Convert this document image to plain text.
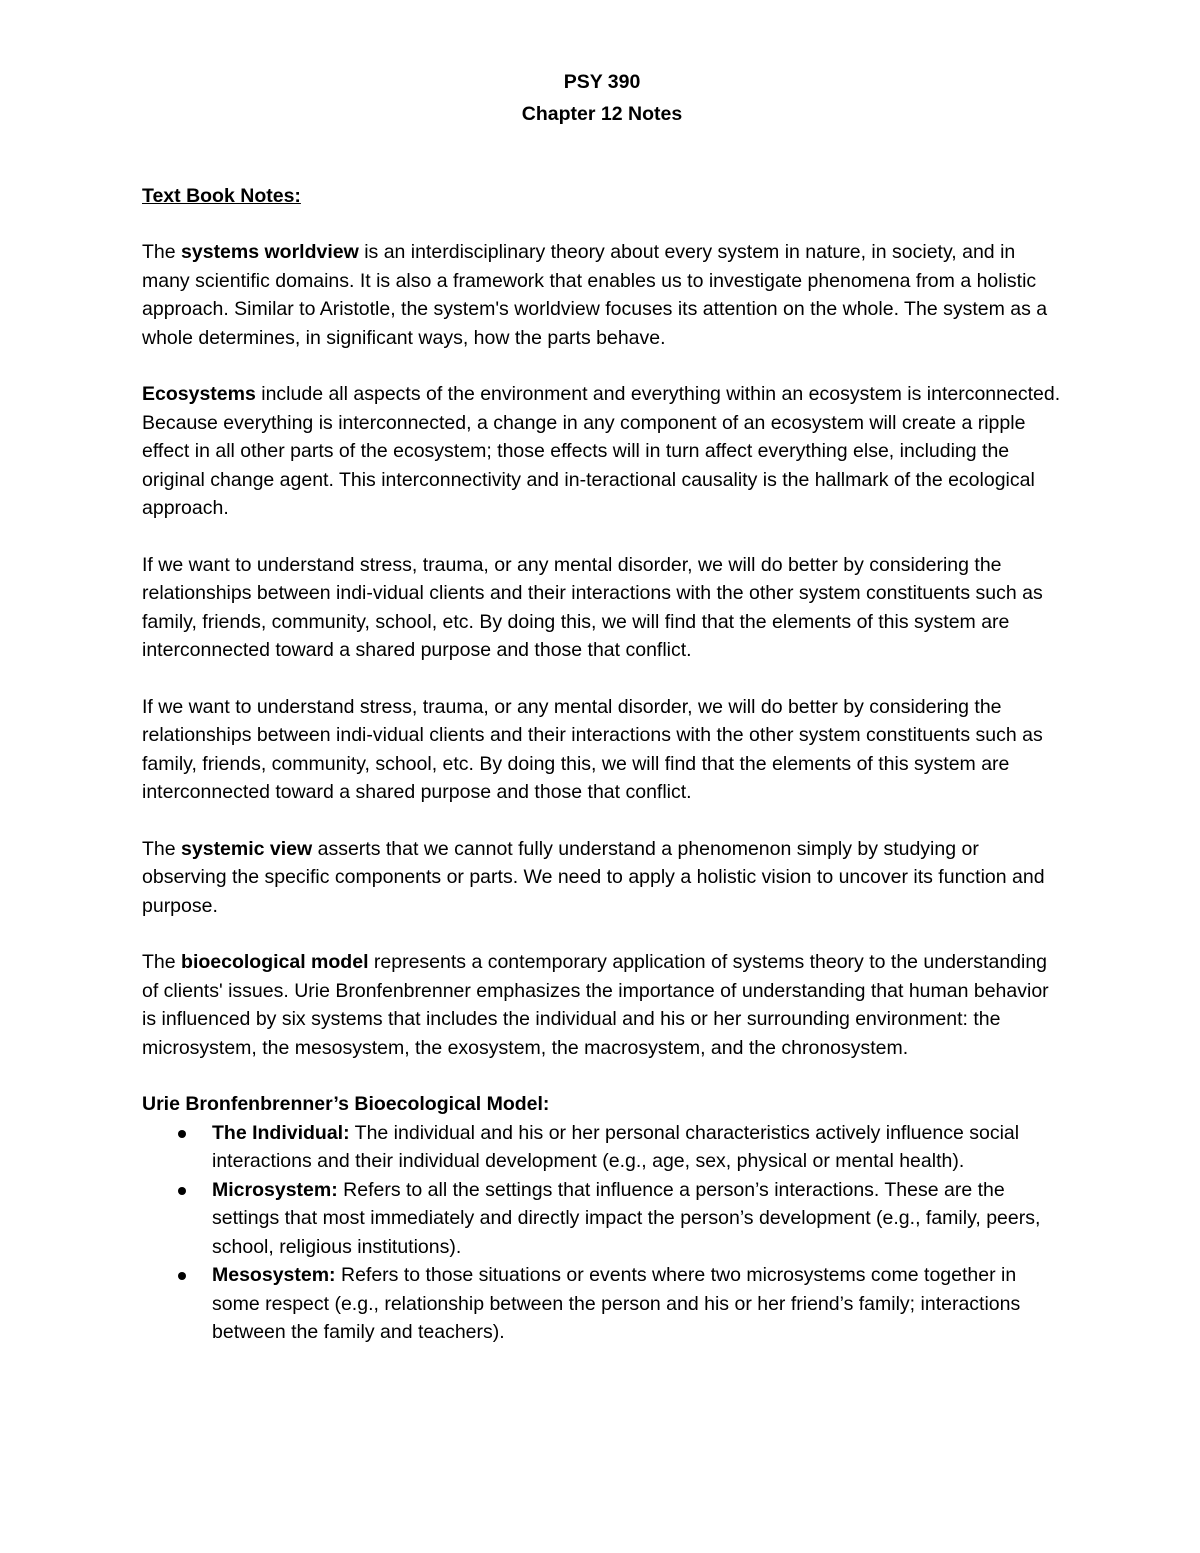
PSY 390
Chapter 12 Notes
Text Book Notes:

The systems worldview is an interdisciplinary theory about every system in nature, in society, and in many scientific domains. It is also a framework that enables us to investigate phenomena from a holistic approach. Similar to Aristotle, the system's worldview focuses its attention on the whole. The system as a whole determines, in significant ways, how the parts behave.

Ecosystems include all aspects of the environment and everything within an ecosystem is interconnected. Because everything is interconnected, a change in any component of an ecosystem will create a ripple effect in all other parts of the ecosystem; those effects will in turn affect everything else, including the original change agent. This interconnectivity and in-teractional causality is the hallmark of the ecological approach.

If we want to understand stress, trauma, or any mental disorder, we will do better by considering the relationships between indi-vidual clients and their interactions with the other system constituents such as family, friends, community, school, etc. By doing this, we will find that the elements of this system are interconnected toward a shared purpose and those that conflict.

If we want to understand stress, trauma, or any mental disorder, we will do better by considering the relationships between indi-vidual clients and their interactions with the other system constituents such as family, friends, community, school, etc. By doing this, we will find that the elements of this system are interconnected toward a shared purpose and those that conflict.

The systemic view asserts that we cannot fully understand a phenomenon simply by studying or observing the specific components or parts. We need to apply a holistic vision to uncover its function and purpose.

The bioecological model represents a contemporary application of systems theory to the understanding of clients' issues. Urie Bronfenbrenner emphasizes the importance of understanding that human behavior is influenced by six systems that includes the individual and his or her surrounding environment: the microsystem, the mesosystem, the exosystem, the macrosystem, and the chronosystem.

Urie Bronfenbrenner’s Bioecological Model:
The Individual: The individual and his or her personal characteristics actively influence social interactions and their individual development (e.g., age, sex, physical or mental health).
Microsystem: Refers to all the settings that influence a person’s interactions. These are the settings that most immediately and directly impact the person’s development (e.g., family, peers, school, religious institutions).
Mesosystem: Refers to those situations or events where two microsystems come together in some respect (e.g., relationship between the person and his or her friend’s family; interactions between the family and teachers).
